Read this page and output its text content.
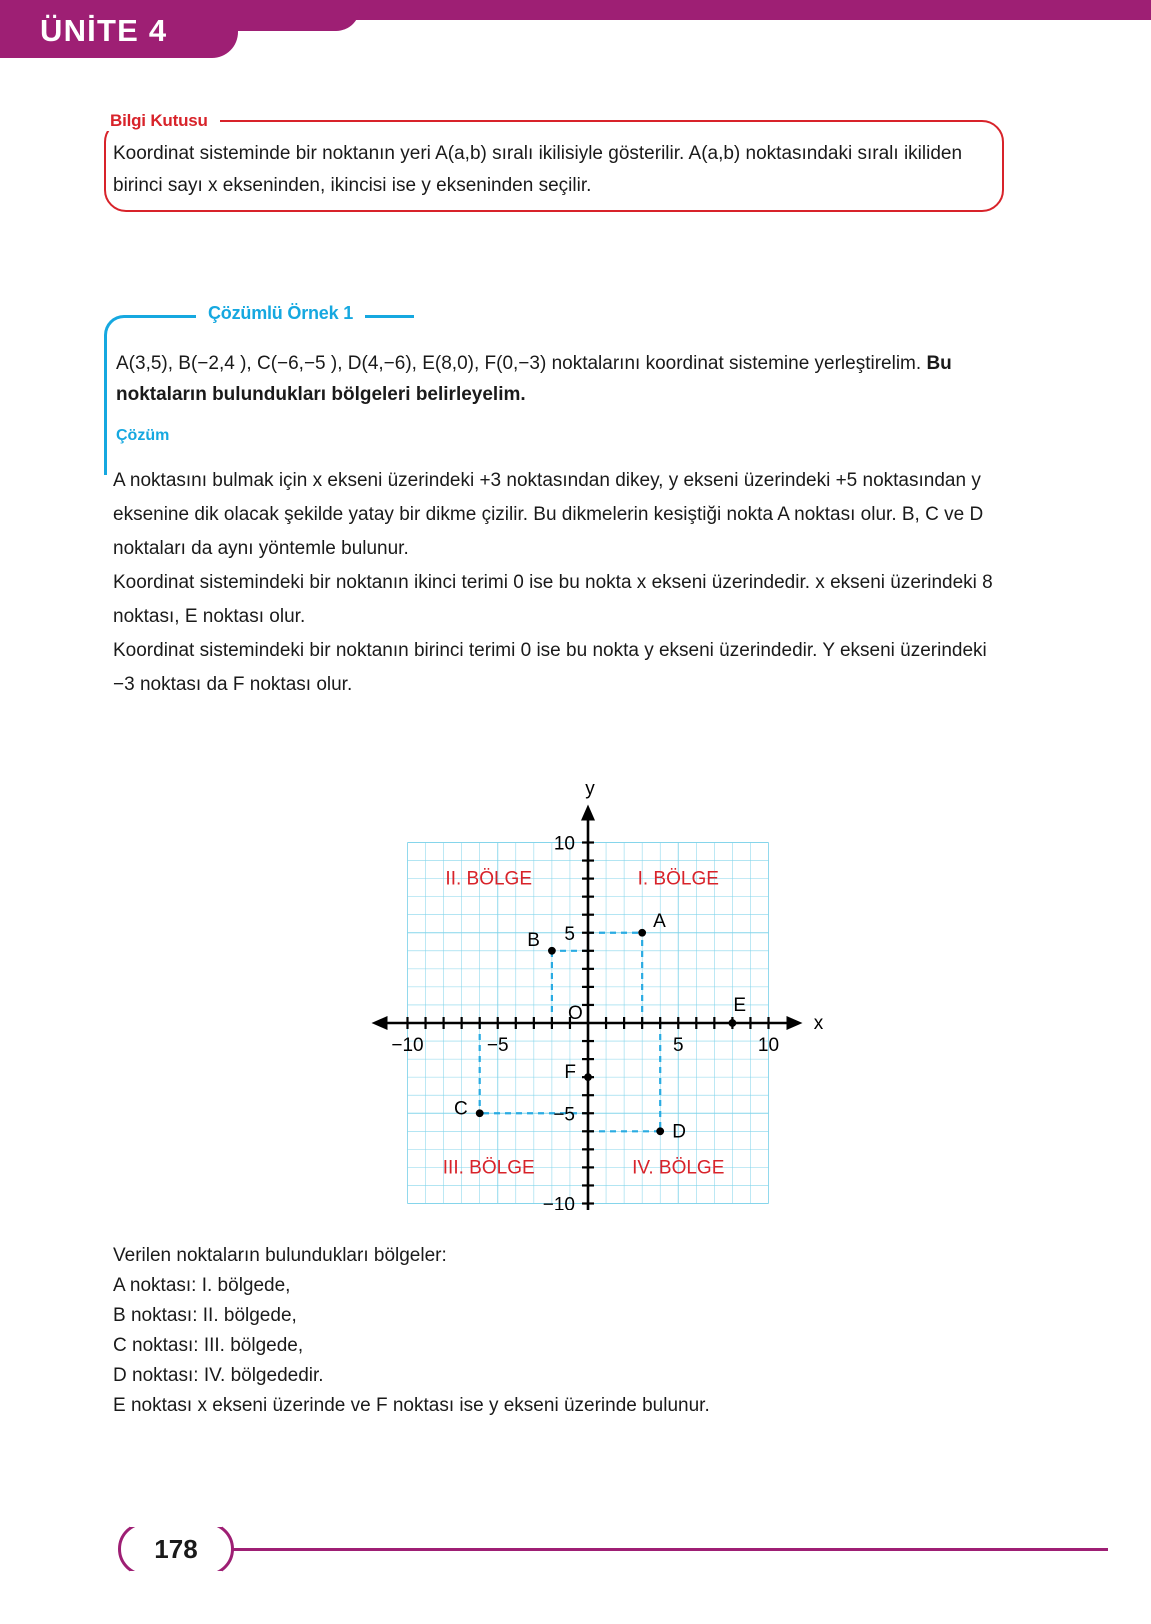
ÜNİTE 4
Bilgi Kutusu
Koordinat sisteminde bir noktanın yeri A(a,b) sıralı ikilisiyle gösterilir. A(a,b) noktasındaki sıralı ikiliden birinci sayı x ekseninden, ikincisi ise y ekseninden seçilir.
Çözümlü Örnek 1
A(3,5), B(−2,4 ), C(−6,−5 ), D(4,−6), E(8,0), F(0,−3) noktalarını koordinat sistemine yerleştirelim. Bu noktaların bulundukları bölgeleri belirleyelim.
Çözüm
A noktasını bulmak için x ekseni üzerindeki +3 noktasından dikey, y ekseni üzerindeki +5 noktasından y eksenine dik olacak şekilde yatay bir dikme çizilir. Bu dikmelerin kesiştiği nokta A noktası olur. B, C ve D noktaları da aynı yöntemle bulunur.
Koordinat sistemindeki bir noktanın ikinci terimi 0 ise bu nokta x ekseni üzerindedir. x ekseni üzerindeki 8 noktası, E noktası olur.
Koordinat sistemindeki bir noktanın birinci terimi 0 ise bu nokta y ekseni üzerindedir. Y ekseni üzerindeki −3 noktası da F noktası olur.
−10	−5	5	10
10
5
−5
−10
y
x
O
I. BÖLGE
II. BÖLGE
III. BÖLGE	IV. BÖLGE
A
B
C
D
E
F
Verilen noktaların bulundukları bölgeler:
A noktası: I. bölgede,
B noktası: II. bölgede,
C noktası: III. bölgede,
D noktası: IV. bölgededir.
E noktası x ekseni üzerinde ve F noktası ise y ekseni üzerinde bulunur.
178
